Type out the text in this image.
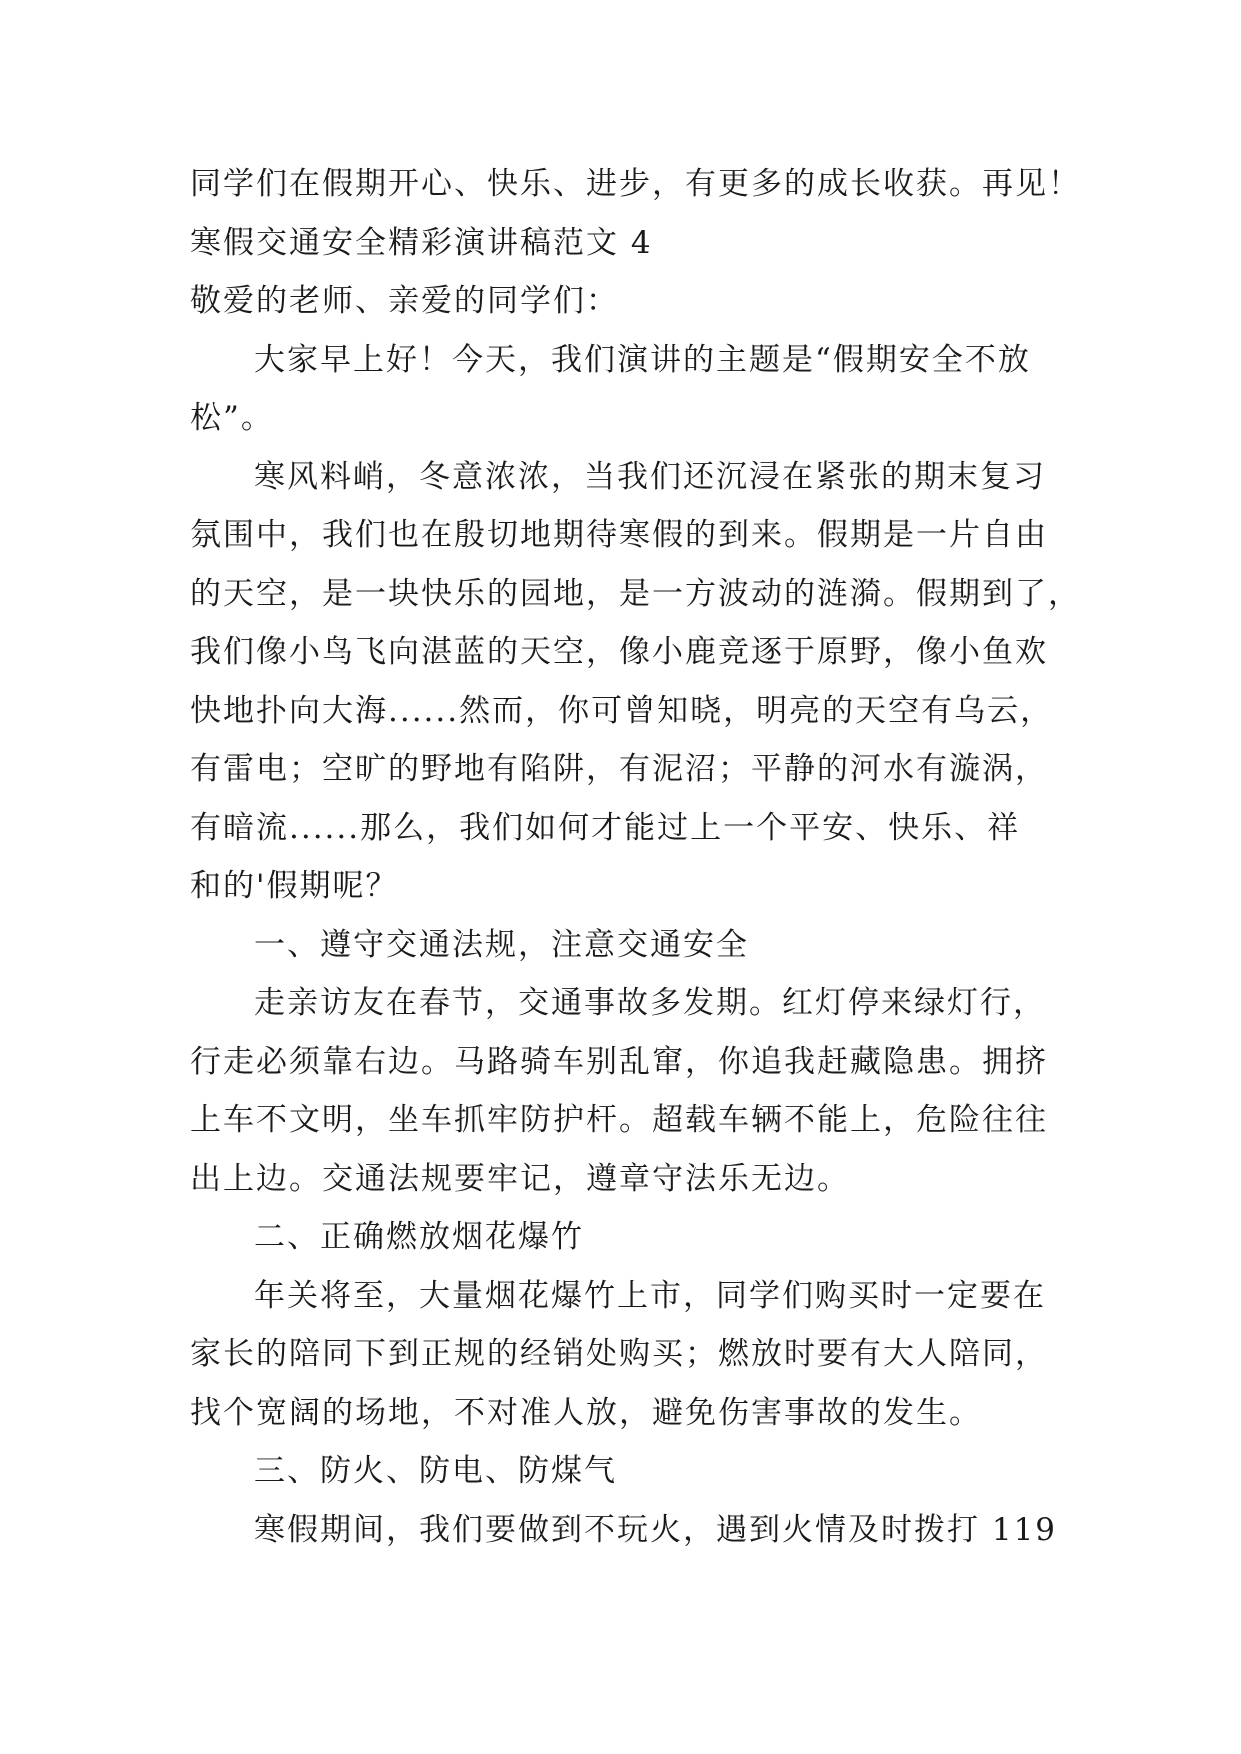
同学们在假期开心、快乐、进步，有更多的成长收获。再见！
寒假交通安全精彩演讲稿范文 4
敬爱的老师、亲爱的同学们：
大家早上好！今天，我们演讲的主题是“假期安全不放
松”。
寒风料峭，冬意浓浓，当我们还沉浸在紧张的期末复习
氛围中，我们也在殷切地期待寒假的到来。假期是一片自由
的天空，是一块快乐的园地，是一方波动的涟漪。假期到了，
我们像小鸟飞向湛蓝的天空，像小鹿竞逐于原野，像小鱼欢
快地扑向大海......然而，你可曾知晓，明亮的天空有乌云，
有雷电；空旷的野地有陷阱，有泥沼；平静的河水有漩涡，
有暗流......那么，我们如何才能过上一个平安、快乐、祥
和的'假期呢？
一、遵守交通法规，注意交通安全
走亲访友在春节，交通事故多发期。红灯停来绿灯行，
行走必须靠右边。马路骑车别乱窜，你追我赶藏隐患。拥挤
上车不文明，坐车抓牢防护杆。超载车辆不能上，危险往往
出上边。交通法规要牢记，遵章守法乐无边。
二、正确燃放烟花爆竹
年关将至，大量烟花爆竹上市，同学们购买时一定要在
家长的陪同下到正规的经销处购买；燃放时要有大人陪同，
找个宽阔的场地，不对准人放，避免伤害事故的发生。
三、防火、防电、防煤气
寒假期间，我们要做到不玩火，遇到火情及时拨打 119
